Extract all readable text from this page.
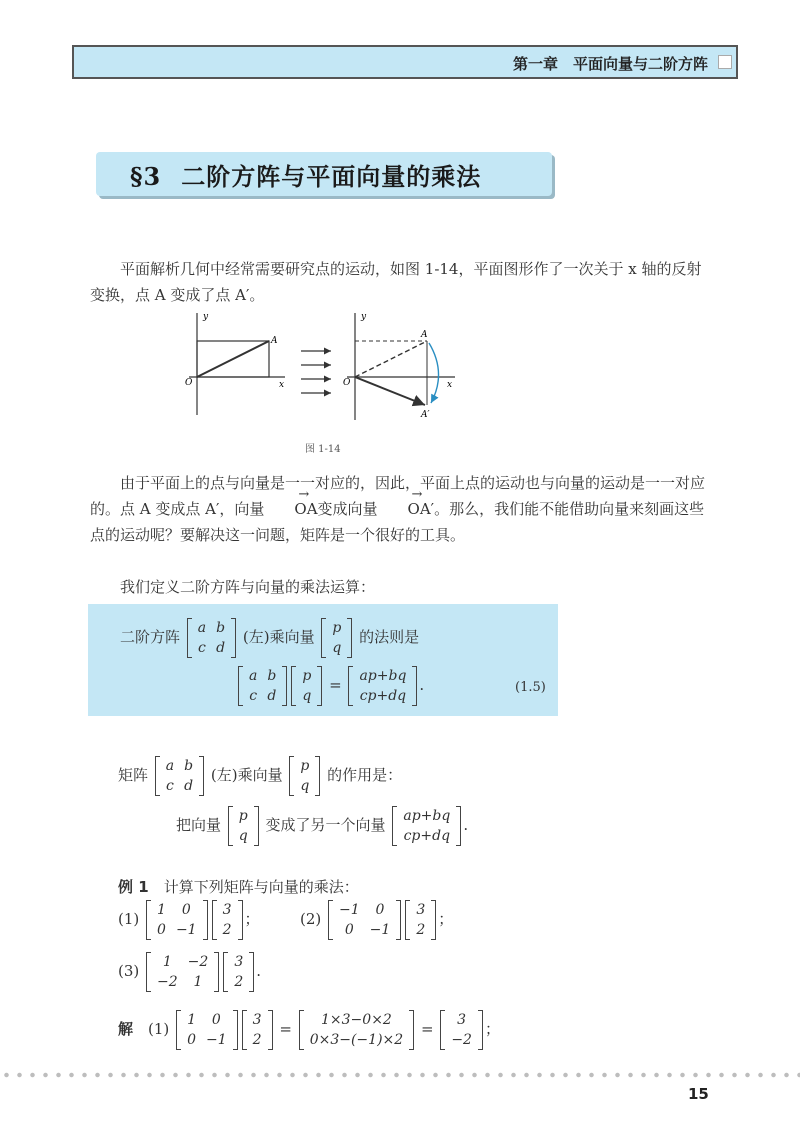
第一章　平面向量与二阶方阵
§3 二阶方阵与平面向量的乘法
平面解析几何中经常需要研究点的运动，如图 1-14，平面图形作了一次关于 x 轴的反射变换，点 A 变成了点 A′。
y
O	x
A
y
O	x
A
A′
图 1-14
由于平面上的点与向量是一一对应的，因此，平面上点的运动也与向量的运动是一一对应的。点 A 变成点 A′，向量 → OA变成向量 → OA′。那么，我们能不能借助向量来刻画这些点的运动呢？要解决这一问题，矩阵是一个很好的工具。
我们定义二阶方阵与向量的乘法运算：
二阶方阵 a	b
c	d
(左)乘向量 p
q
的法则是
a	b
c	d
p
q
= ap+bq
cp+dq
.	(1.5)
矩阵 a	b
c	d
(左)乘向量 p
q
的作用是：
把向量 p
q
变成了另一个向量 ap+bq
cp+dq
.
例 1　 计算下列矩阵与向量的乘法：
(1) 1	0
0	−1
3
2
；	(2) −1	0
0	−1
3
2
；
(3) 1	−2
−2	1
3
2
.
解　 (1) 1	0
0	−1
3
2
= 1×3−0×2
0×3−(−1)×2
= 3
−2
；
15
